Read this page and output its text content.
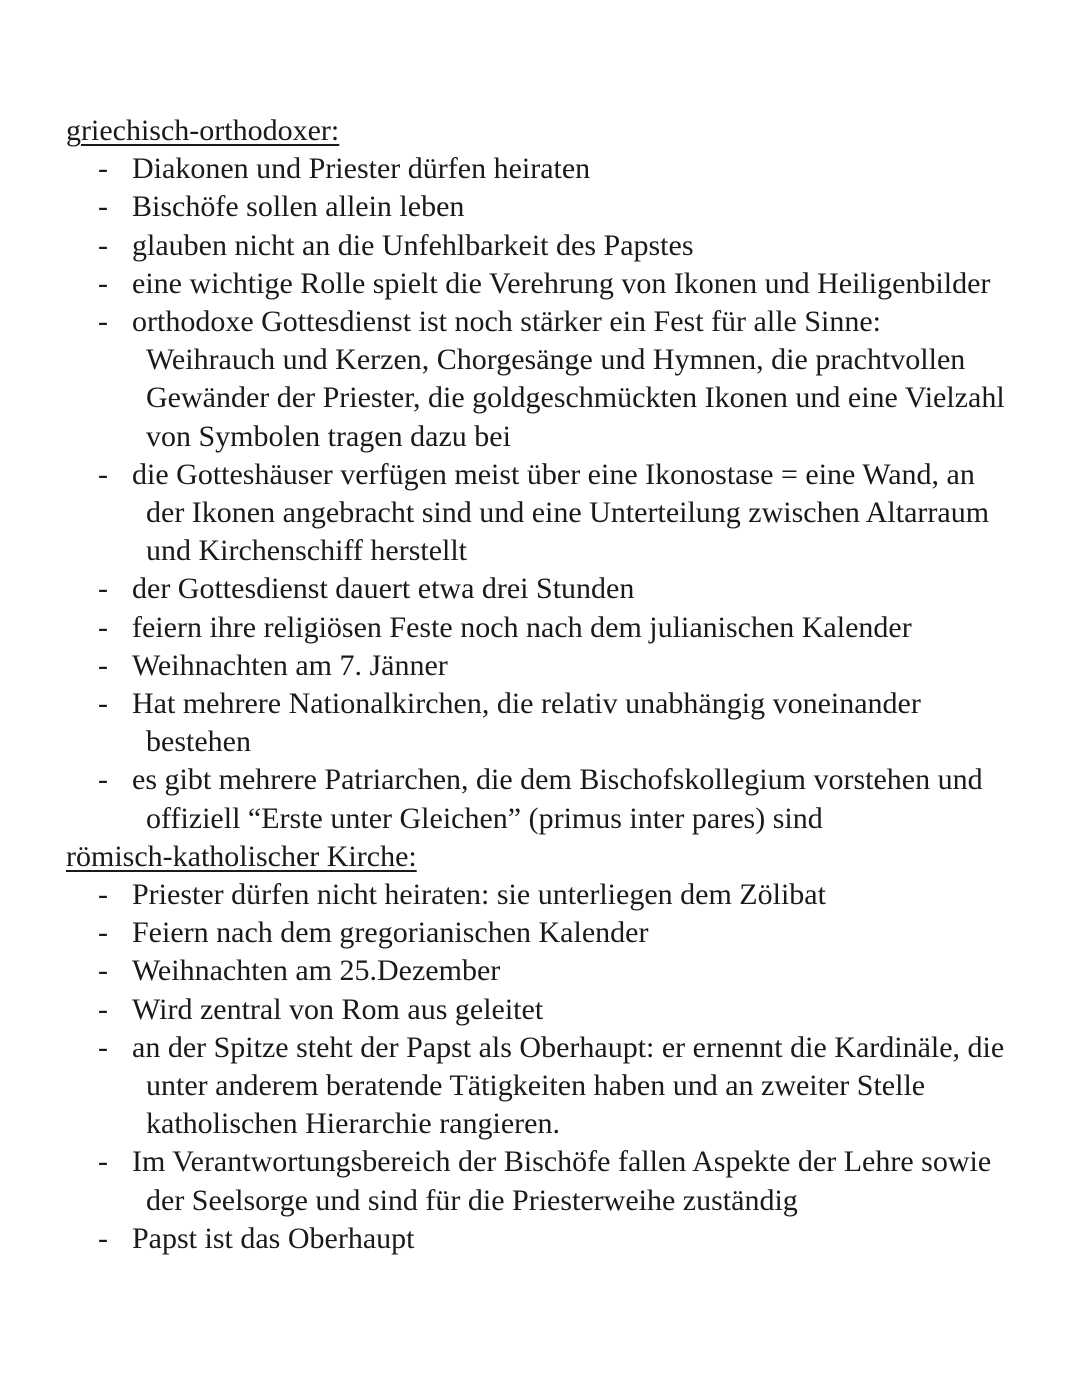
griechisch-orthodoxer:
- Diakonen und Priester dürfen heiraten
- Bischöfe sollen allein leben
- glauben nicht an die Unfehlbarkeit des Papstes
- eine wichtige Rolle spielt die Verehrung von Ikonen und Heiligenbilder
- orthodoxe Gottesdienst ist noch stärker ein Fest für alle Sinne: Weihrauch und Kerzen, Chorgesänge und Hymnen, die prachtvollen Gewänder der Priester, die goldgeschmückten Ikonen und eine Vielzahl von Symbolen tragen dazu bei
- die Gotteshäuser verfügen meist über eine Ikonostase = eine Wand, an der Ikonen angebracht sind und eine Unterteilung zwischen Altarraum und Kirchenschiff herstellt
- der Gottesdienst dauert etwa drei Stunden
- feiern ihre religiösen Feste noch nach dem julianischen Kalender
- Weihnachten am 7. Jänner
- Hat mehrere Nationalkirchen, die relativ unabhängig voneinander bestehen
- es gibt mehrere Patriarchen, die dem Bischofskollegium vorstehen und offiziell “Erste unter Gleichen” (primus inter pares) sind
römisch-katholischer Kirche:
- Priester dürfen nicht heiraten: sie unterliegen dem Zölibat
- Feiern nach dem gregorianischen Kalender
- Weihnachten am 25.Dezember
- Wird zentral von Rom aus geleitet
- an der Spitze steht der Papst als Oberhaupt: er ernennt die Kardinäle, die unter anderem beratende Tätigkeiten haben und an zweiter Stelle katholischen Hierarchie rangieren.
- Im Verantwortungsbereich der Bischöfe fallen Aspekte der Lehre sowie der Seelsorge und sind für die Priesterweihe zuständig
- Papst ist das Oberhaupt
